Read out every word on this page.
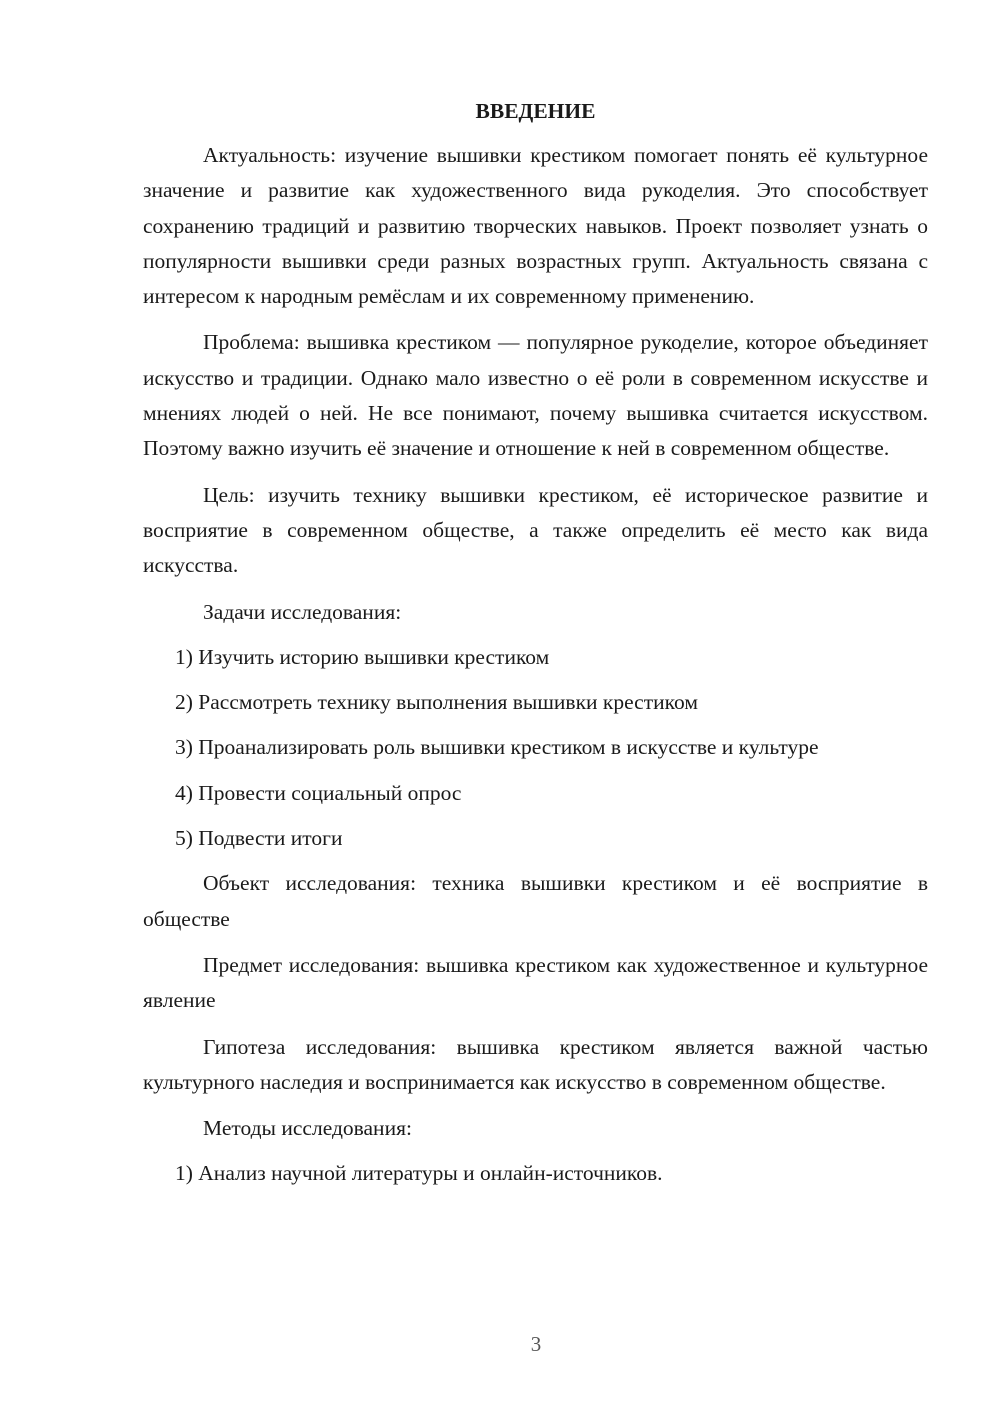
ВВЕДЕНИЕ

Актуальность: изучение вышивки крестиком помогает понять её культурное значение и развитие как художественного вида рукоделия. Это способствует сохранению традиций и развитию творческих навыков. Проект позволяет узнать о популярности вышивки среди разных возрастных групп. Актуальность связана с интересом к народным ремёслам и их современному применению.

Проблема: вышивка крестиком — популярное рукоделие, которое объединяет искусство и традиции. Однако мало известно о её роли в современном искусстве и мнениях людей о ней. Не все понимают, почему вышивка считается искусством. Поэтому важно изучить её значение и отношение к ней в современном обществе.

Цель: изучить технику вышивки крестиком, её историческое развитие и восприятие в современном обществе, а также определить её место как вида искусства.

Задачи исследования:

1) Изучить историю вышивки крестиком

2) Рассмотреть технику выполнения вышивки крестиком

3) Проанализировать роль вышивки крестиком в искусстве и культуре

4) Провести социальный опрос

5) Подвести итоги

Объект исследования: техника вышивки крестиком и её восприятие в обществе

Предмет исследования: вышивка крестиком как художественное и культурное явление

Гипотеза исследования: вышивка крестиком является важной частью культурного наследия и воспринимается как искусство в современном обществе.

Методы исследования:

1) Анализ научной литературы и онлайн-источников.

3
